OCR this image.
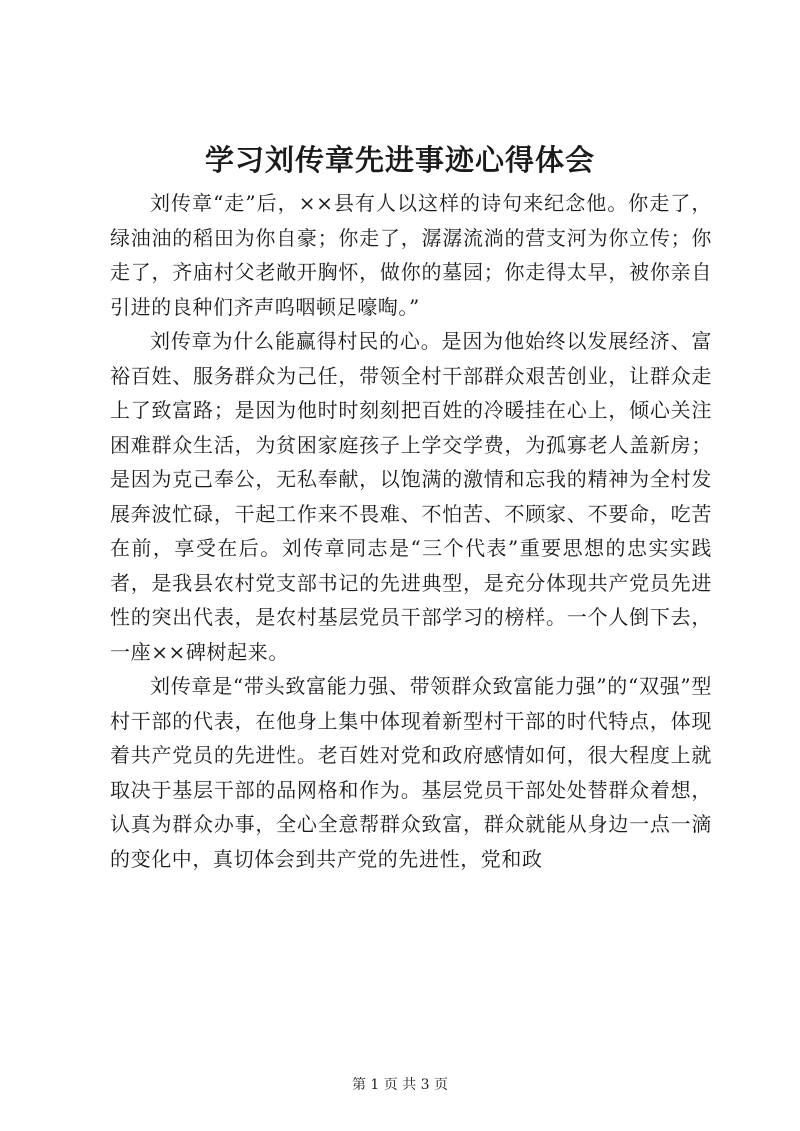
学习刘传章先进事迹心得体会

刘传章“走”后，××县有人以这样的诗句来纪念他。你走了，绿油油的稻田为你自豪；你走了，潺潺流淌的营支河为你立传；你走了，齐庙村父老敞开胸怀，做你的墓园；你走得太早，被你亲自引进的良种们齐声呜咽顿足嚎啕。”

刘传章为什么能赢得村民的心。是因为他始终以发展经济、富裕百姓、服务群众为己任，带领全村干部群众艰苦创业，让群众走上了致富路；是因为他时时刻刻把百姓的冷暖挂在心上，倾心关注困难群众生活，为贫困家庭孩子上学交学费，为孤寡老人盖新房；是因为克己奉公，无私奉献，以饱满的激情和忘我的精神为全村发展奔波忙碌，干起工作来不畏难、不怕苦、不顾家、不要命，吃苦在前，享受在后。刘传章同志是“三个代表”重要思想的忠实实践者，是我县农村党支部书记的先进典型，是充分体现共产党员先进性的突出代表，是农村基层党员干部学习的榜样。一个人倒下去，一座××碑树起来。

刘传章是“带头致富能力强、带领群众致富能力强”的“双强”型村干部的代表，在他身上集中体现着新型村干部的时代特点，体现着共产党员的先进性。老百姓对党和政府感情如何，很大程度上就取决于基层干部的品网格和作为。基层党员干部处处替群众着想，认真为群众办事，全心全意帮群众致富，群众就能从身边一点一滴的变化中，真切体会到共产党的先进性，党和政

第 1 页 共 3 页
